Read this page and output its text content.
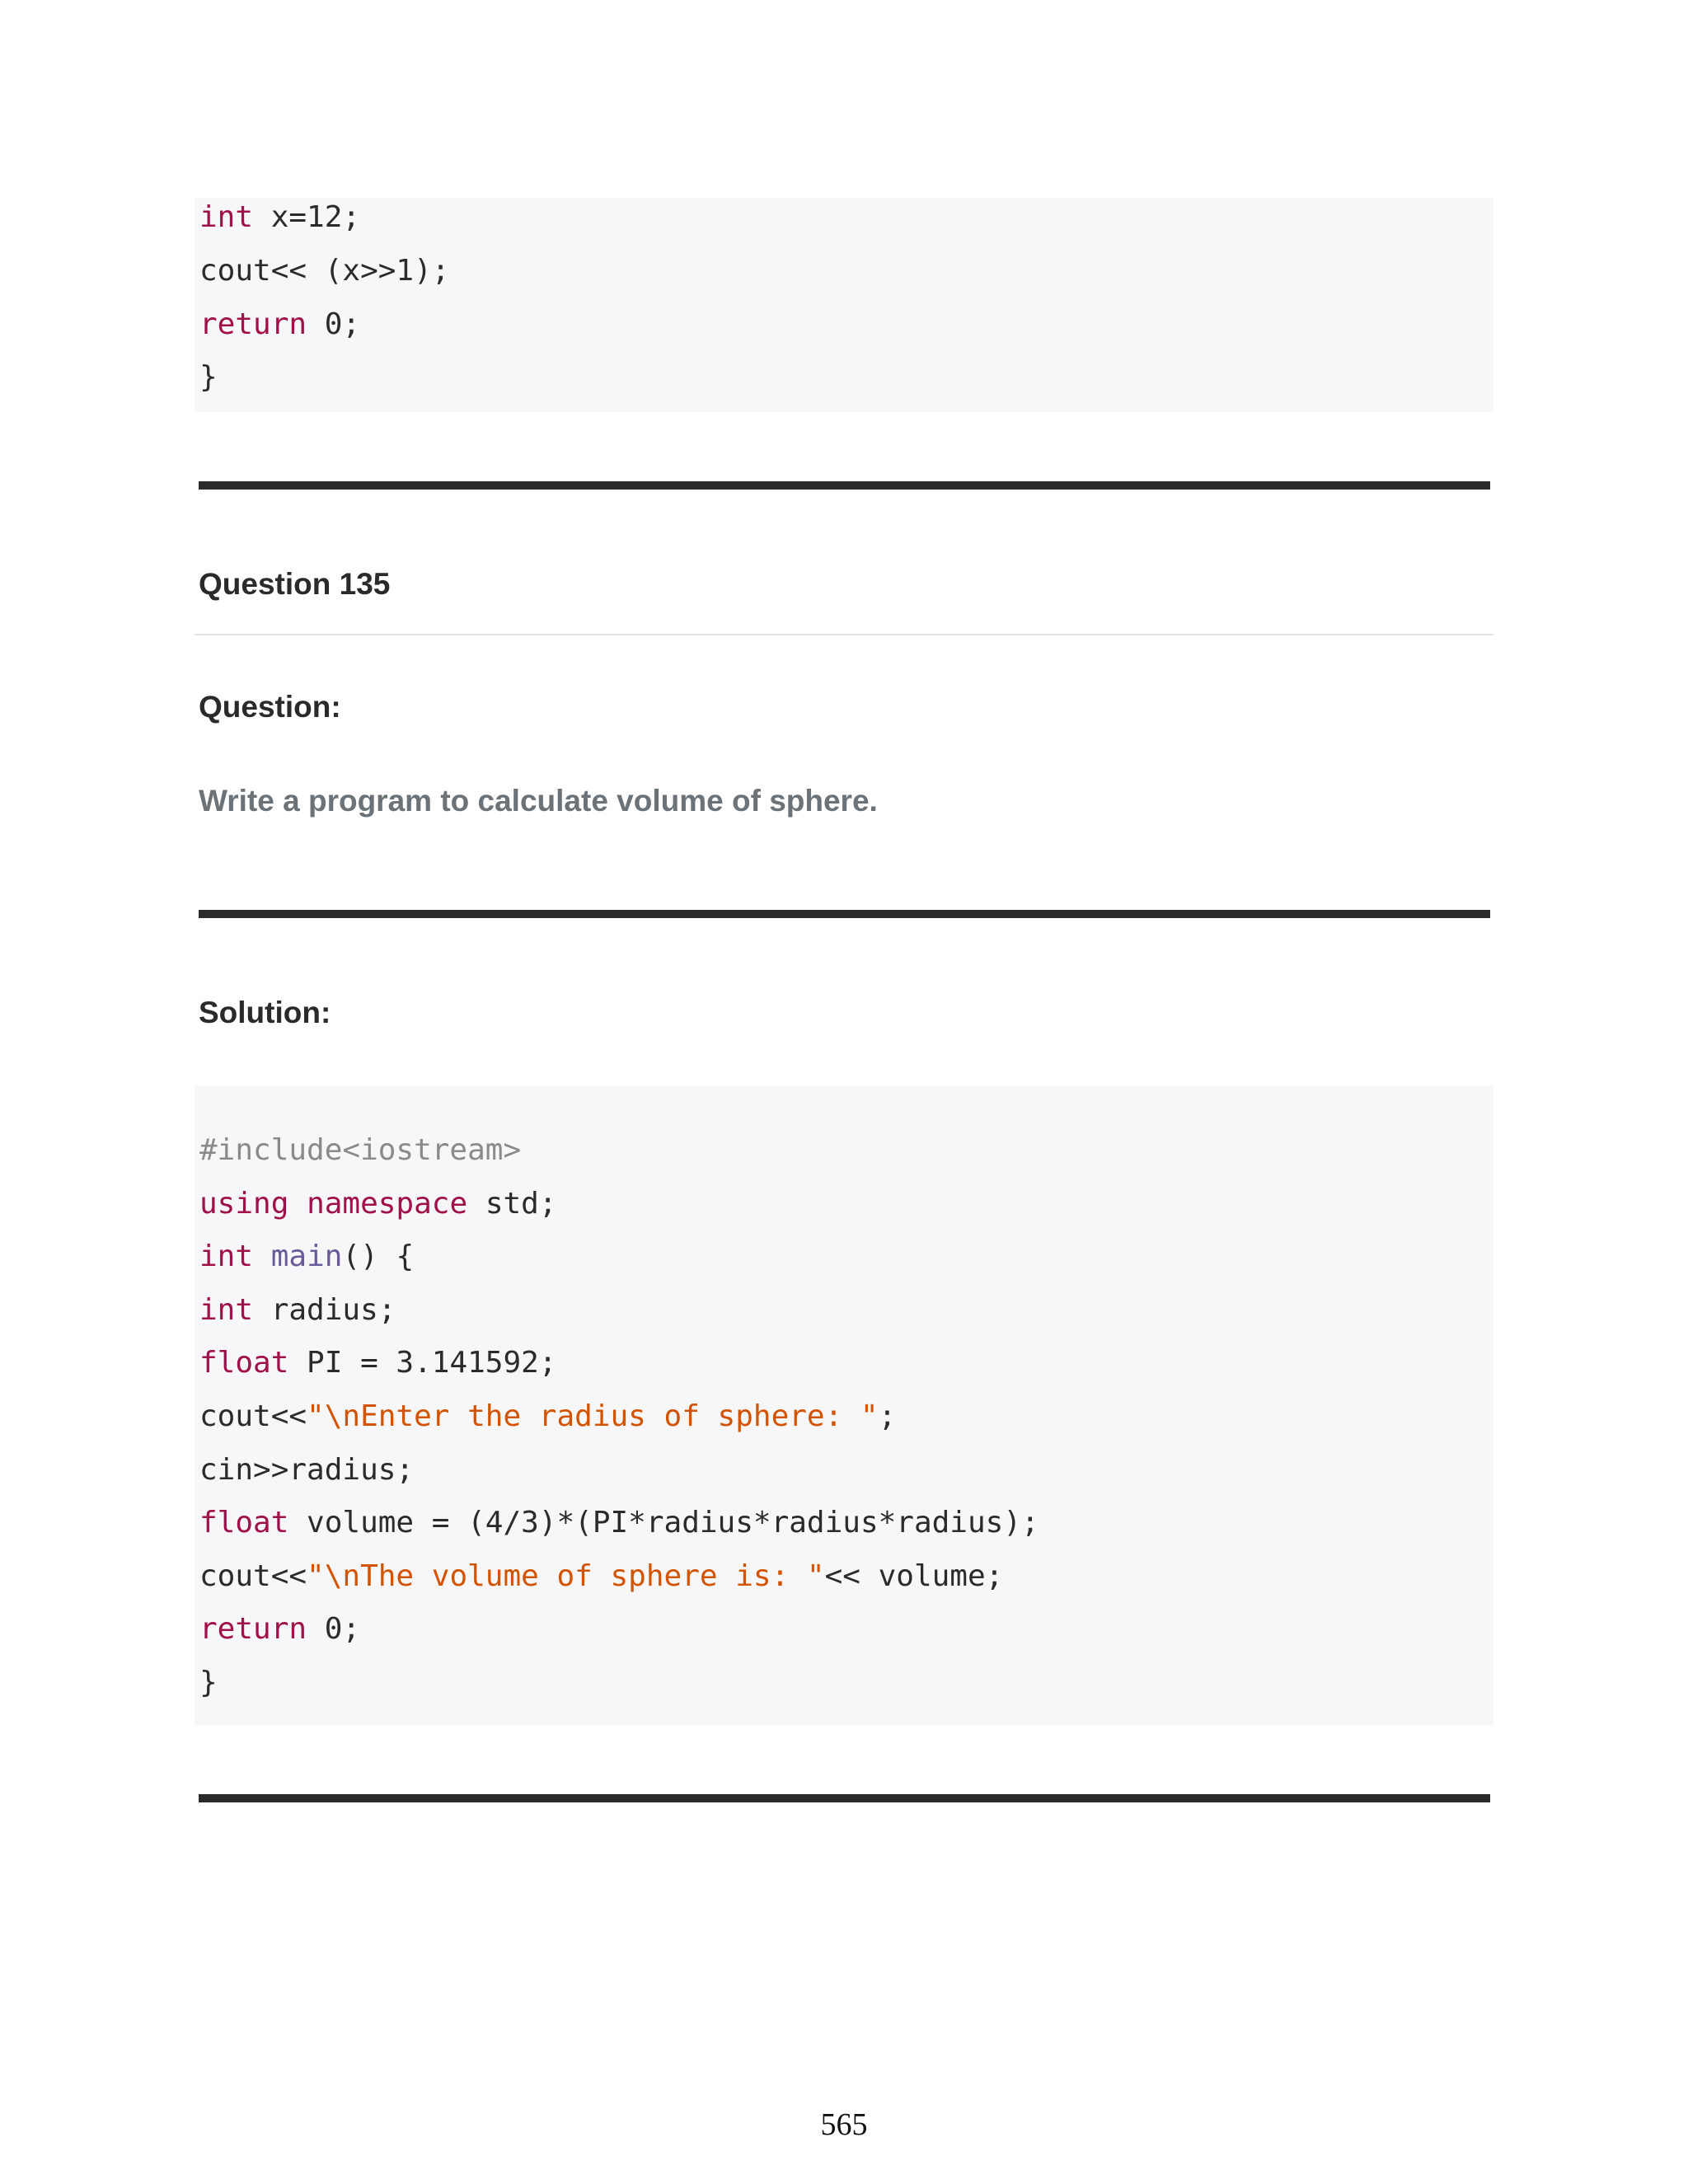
int x=12;
cout<< (x>>1);
return 0;
}
Question 135
Question:
Write a program to calculate volume of sphere.
Solution:
#include<iostream>
using namespace std;
int main() {
int radius;
float PI = 3.141592;
cout<<"\nEnter the radius of sphere: ";
cin>>radius;
float volume = (4/3)*(PI*radius*radius*radius);
cout<<"\nThe volume of sphere is: "<< volume;
return 0;
}
565
